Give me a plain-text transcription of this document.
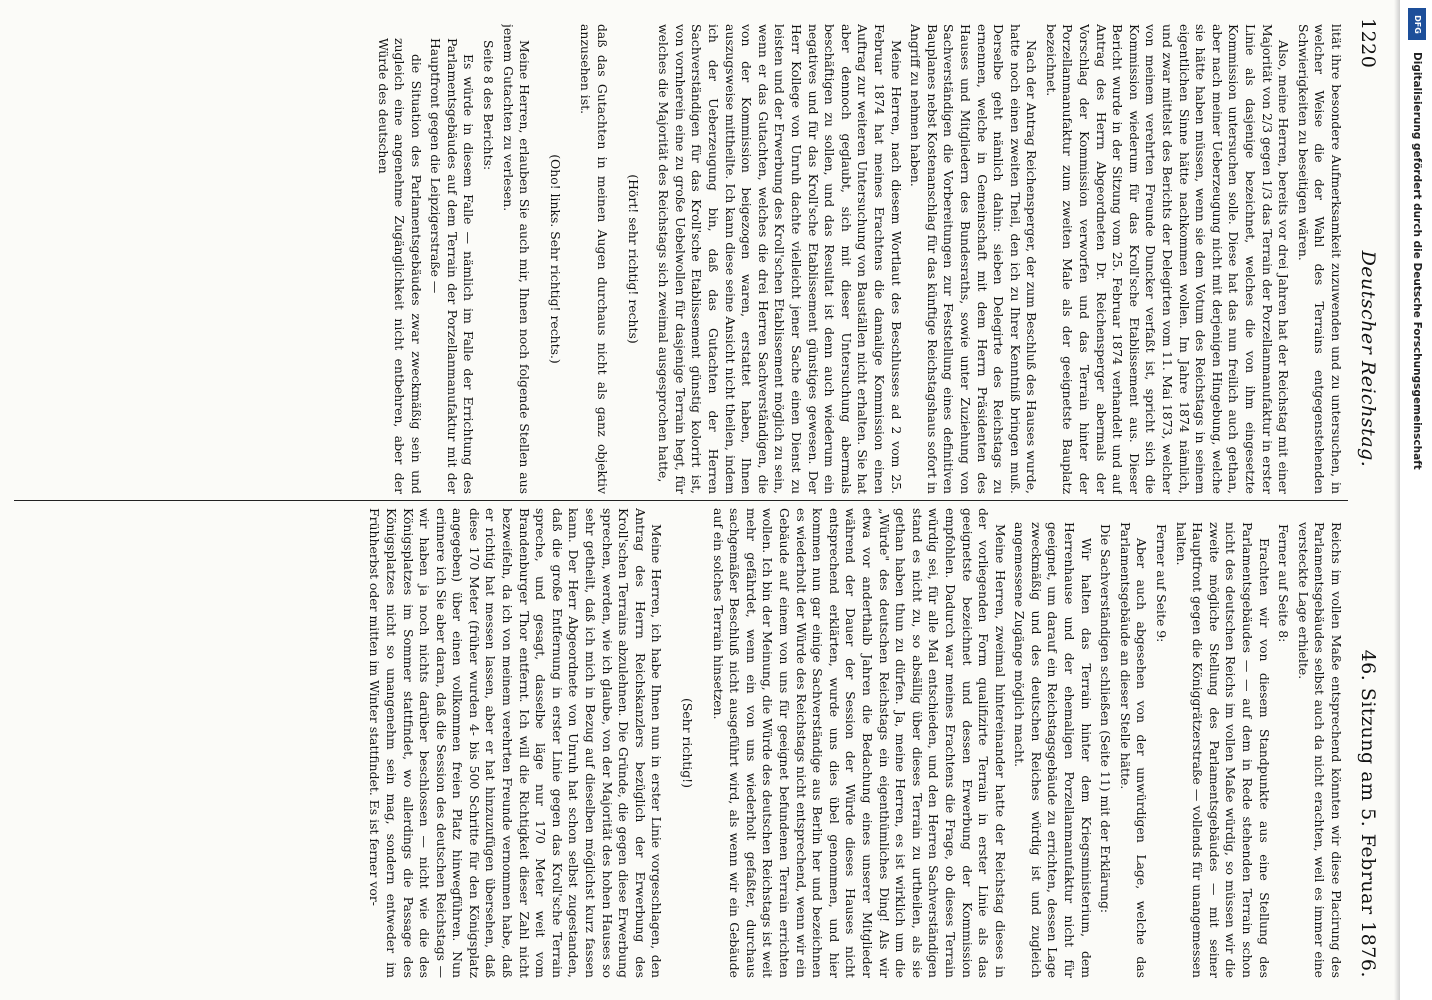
1220
Deutscher Reichstag.
46. Sitzung am 5. Februar 1876.

lität ihre besondere Aufmerksamkeit zuzuwenden und zu untersuchen, in welcher Weise die der Wahl des Terrains entgegenstehenden Schwierigkeiten zu beseitigen wären.

Also, meine Herren, bereits vor drei Jahren hat der Reichstag mit einer Majorität von 2/3 gegen 1/3 das Terrain der Porzellanmanufaktur in erster Linie als dasjenige bezeichnet, welches die von ihm eingesetzte Kommission untersuchen solle. Diese hat das nun freilich auch gethan, aber nach meiner Ueberzeugung nicht mit derjenigen Hingebung, welche sie hätte haben müssen, wenn sie dem Votum des Reichstags in seinem eigentlichen Sinne hätte nachkommen wollen. Im Jahre 1874 nämlich, und zwar mittelst des Berichts der Delegirten vom 11. Mai 1873, welcher von meinem verehrten Freunde Duncker verfaßt ist, spricht sich die Kommission wiederum für das Kroll'sche Etablissement aus. Dieser Bericht wurde in der Sitzung vom 25. Februar 1874 verhandelt und auf Antrag des Herrn Abgeordneten Dr. Reichensperger abermals der Vorschlag der Kommission verworfen und das Terrain hinter der Porzellanmanufaktur zum zweiten Male als der geeignetste Bauplatz bezeichnet.

Nach der Antrag Reichensperger, der zum Beschluß des Hauses wurde, hatte noch einen zweiten Theil, den ich zu Ihrer Kenntniß bringen muß. Derselbe geht nämlich dahin: sieben Delegirte des Reichstags zu ernennen, welche in Gemeinschaft mit dem Herrn Präsidenten des Hauses und Mitgliedern des Bundesraths, sowie unter Zuziehung von Sachverständigen die Vorbereitungen zur Feststellung eines definitiven Bauplanes nebst Kostenanschlag für das künftige Reichstagshaus sofort in Angriff zu nehmen haben.

Meine Herren, nach diesem Wortlaut des Beschlusses ad 2 vom 25. Februar 1874 hat meines Erachtens die damalige Kommission einen Auftrag zur weiteren Untersuchung von Bauställen nicht erhalten. Sie hat aber dennoch geglaubt, sich mit dieser Untersuchung abermals beschäftigen zu sollen, und das Resultat ist denn auch wiederum ein negatives und für das Kroll'sche Etablissement günstiges gewesen. Der Herr Kollege von Unruh dachte vielleicht jener Sache einen Dienst zu leisten und der Erwerbung des Kroll'schen Etablissement möglich zu sein, wenn er das Gutachten, welches die drei Herren Sachverständigen, die von der Kommission beigezogen waren, erstattet haben, Ihnen auszugsweise mittheilte. Ich kann diese seine Ansicht nicht theilen, indem ich der Ueberzeugung bin, daß das Gutachten der Herren Sachverständigen für das Kroll'sche Etablissement günstig kolorirt ist, von vornherein eine zu große Uebelwollen für dasjenige Terrain hegt, für welches die Majorität des Reichstags sich zweimal ausgesprochen hatte,

(Hört! sehr richtig! rechts)

daß das Gutachten in meinen Augen durchaus nicht als ganz objektiv anzusehen ist.

(Oho! links. Sehr richtig! rechts.)

Meine Herren, erlauben Sie auch mir, Ihnen noch folgende Stellen aus jenem Gutachten zu verlesen.

Seite 8 des Berichts:

Es würde in diesem Falle — nämlich im Falle der Errichtung des Parlamentsgebäudes auf dem Terrain der Porzellanmanufaktur mit der Hauptfront gegen die Leipzigerstraße —

die Situation des Parlamentsgebäudes zwar zweckmäßig sein und zugleich eine angenehme Zugänglichkeit nicht entbehren, aber der Würde des deutschen

Reichs im vollen Maße entsprechend könnten wir diese Placirung des Parlamentsgebäudes selbst auch da nicht erachten, weil es immer eine versteckte Lage erhielte.

Ferner auf Seite 8:

Erachten wir von diesem Standpunkte aus eine Stellung des Parlamentsgebäudes — — auf dem in Rede stehenden Terrain schon nicht des deutschen Reichs im vollen Maße würdig, so müssen wir die zweite mögliche Stellung des Parlamentsgebäudes — mit seiner Hauptfront gegen die Königgrätzerstraße — vollends für unangemessen halten.

Ferner auf Seite 9:

Aber auch abgesehen von der unwürdigen Lage, welche das Parlamentsgebäude an dieser Stelle hätte.

Die Sachverständigen schließen (Seite 11) mit der Erklärung:

Wir halten das Terrain hinter dem Kriegsministerium, dem Herrenhause und der ehemaligen Porzellanmanufaktur nicht für geeignet, um darauf ein Reichstagsgebäude zu errichten, dessen Lage zweckmäßig und des deutschen Reiches würdig ist und zugleich angemessene Zugänge möglich macht.

Meine Herren, zweimal hintereinander hatte der Reichstag dieses in der vorliegenden Form qualifizirte Terrain in erster Linie als das geeignetste bezeichnet und dessen Erwerbung der Kommission empfohlen. Dadurch war meines Erachtens die Frage, ob dieses Terrain würdig sei, für alle Mal entschieden, und den Herren Sachverständigen stand es nicht zu, so absällig über dieses Terrain zu urtheilen, als sie gethan haben thun zu dürfen. Ja, meine Herren, es ist wirklich um die „Würde" des deutschen Reichstags ein eigenthümliches Ding! Als wir etwa vor anderthalb Jahren die Bedachung eines unserer Mitglieder während der Dauer der Session der Würde dieses Hauses nicht entsprechend erklärten, wurde uns dies übel genommen, und hier kommen nun gar einige Sachverständige aus Berlin her und bezeichnen es wiederholt der Würde des Reichstags nicht entsprechend, wenn wir ein Gebäude auf einem von uns für geeignet befundenen Terrain errichten wollen. Ich bin der Meinung, die Würde des deutschen Reichstags ist weit mehr gefährdet, wenn ein von uns wiederholt gefaßter, durchaus sachgemäßer Beschluß nicht ausgeführt wird, als wenn wir ein Gebäude auf ein solches Terrain hinsetzen.

(Sehr richtig!)

Meine Herren, ich habe Ihnen nun in erster Linie vorgeschlagen, den Antrag des Herrn Reichskanzlers bezüglich der Erwerbung des Kroll'schen Terrains abzulehnen. Die Gründe, die gegen diese Erwerbung sprechen, werden, wie ich glaube, von der Majorität des hohen Hauses so sehr getheilt, daß ich mich in Bezug auf dieselben möglichst kurz fassen kann. Der Herr Abgeordnete von Unruh hat schon selbst zugestanden, daß die große Entfernung in erster Linie gegen das Kroll'sche Terrain spreche, und gesagt, dasselbe läge nur 170 Meter weit vom Brandenburger Thor entfernt. Ich will die Richtigkeit dieser Zahl nicht bezweifeln, da ich von meinem verehrten Freunde vernommen habe, daß er richtig hat messen lassen, aber er hat hinzuzufügen übersehen, daß diese 170 Meter (früher wurden 4- bis 500 Schritte für den Königsplatz angegeben) über einen vollkommen freien Platz hinwegführen. Nun erinnere ich Sie aber daran, daß die Session des deutschen Reichstags — wir haben ja noch nichts darüber beschlossen — nicht wie die des Königsplatzes im Sommer stattfindet, wo allerdings die Passage des Königsplatzes nicht so unangenehm sein mag, sondern entweder im Frühherbst oder mitten im Winter stattfindet. Es ist ferner vor-

DFG
Digitalisierung gefördert durch die Deutsche Forschungsgemeinschaft
